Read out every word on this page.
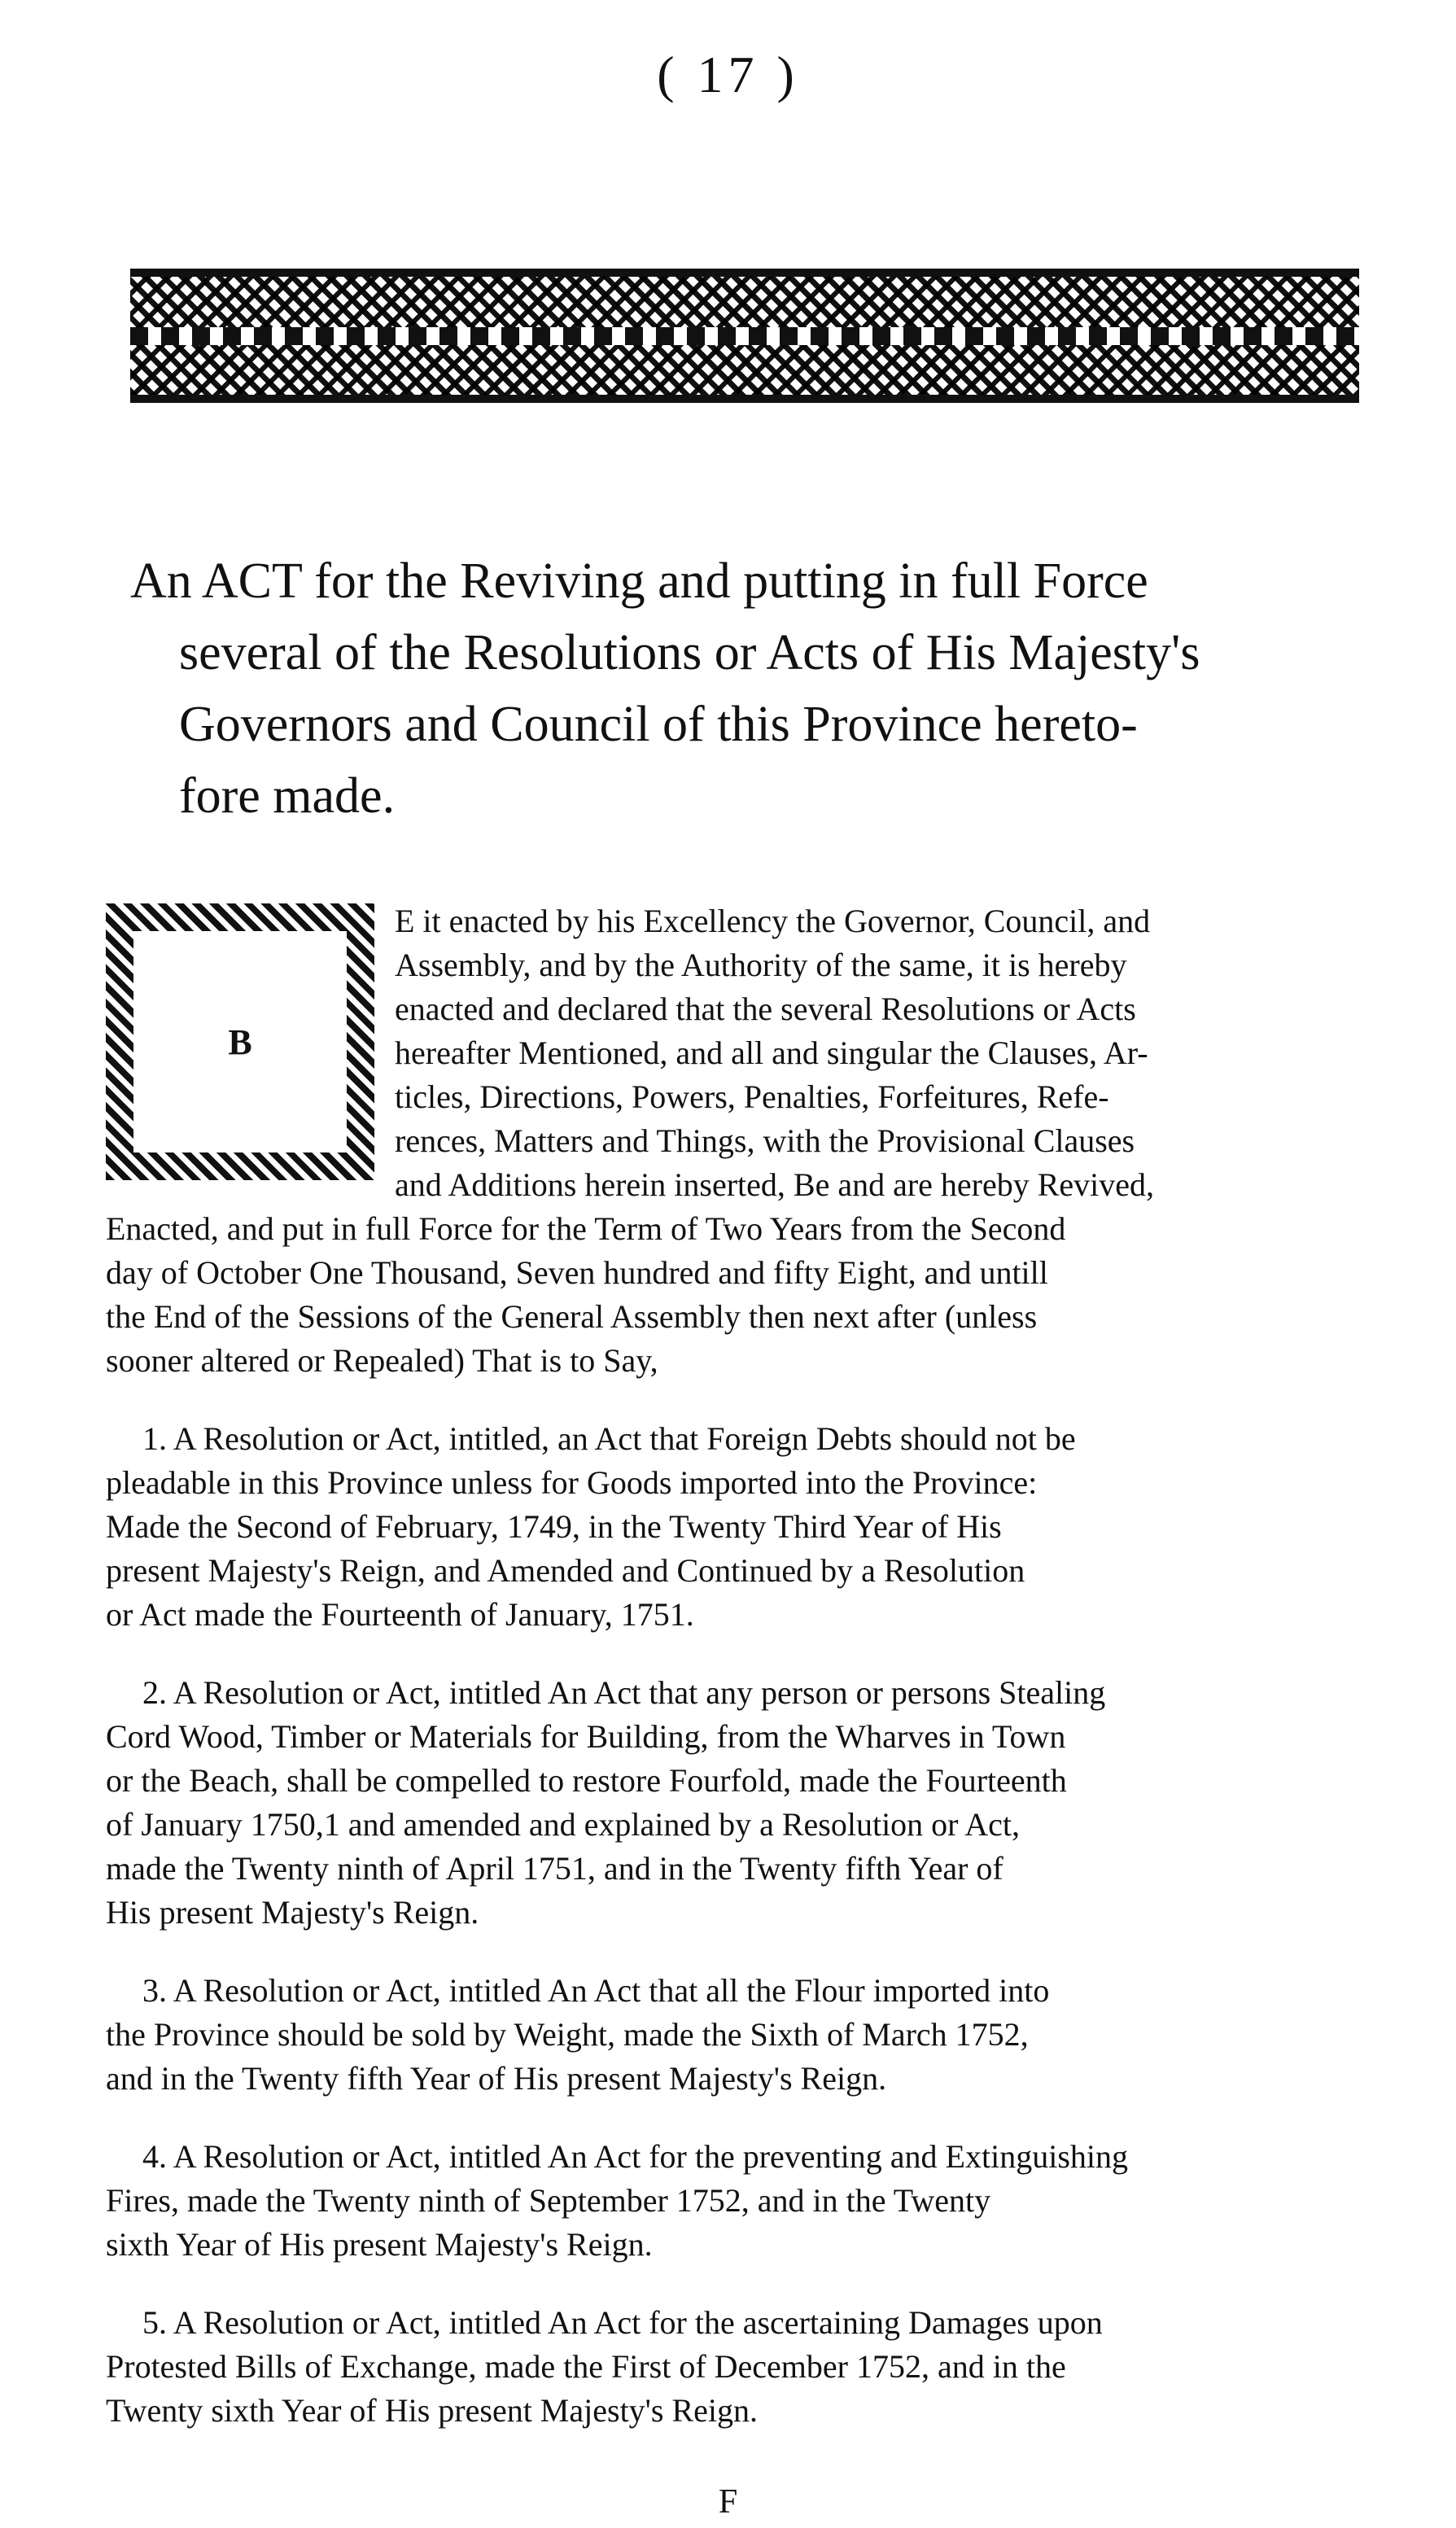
( 17 )
An ACT for the Reviving and putting in full Force
several of the Resolutions or Acts of His Majesty's
Governors and Council of this Province hereto-
fore made.
B
E it enacted by his Excellency the Governor, Council, and
Assembly, and by the Authority of the same, it is hereby
enacted and declared that the several Resolutions or Acts
hereafter Mentioned, and all and singular the Clauses, Ar-
ticles, Directions, Powers, Penalties, Forfeitures, Refe-
rences, Matters and Things, with the Provisional Clauses
and Additions herein inserted, Be and are hereby Revived,
Enacted, and put in full Force for the Term of Two Years from the Second
day of October One Thousand, Seven hundred and fifty Eight, and untill
the End of the Sessions of the General Assembly then next after (unless
sooner altered or Repealed) That is to Say,
1. A Resolution or Act, intitled, an Act that Foreign Debts should not be
pleadable in this Province unless for Goods imported into the Province:
Made the Second of February, 1749, in the Twenty Third Year of His
present Majesty's Reign, and Amended and Continued by a Resolution
or Act made the Fourteenth of January, 1751.
2. A Resolution or Act, intitled An Act that any person or persons Stealing
Cord Wood, Timber or Materials for Building, from the Wharves in Town
or the Beach, shall be compelled to restore Fourfold, made the Fourteenth
of January 1750,1 and amended and explained by a Resolution or Act,
made the Twenty ninth of April 1751, and in the Twenty fifth Year of
His present Majesty's Reign.
3. A Resolution or Act, intitled An Act that all the Flour imported into
the Province should be sold by Weight, made the Sixth of March 1752,
and in the Twenty fifth Year of His present Majesty's Reign.
4. A Resolution or Act, intitled An Act for the preventing and Extinguishing
Fires, made the Twenty ninth of September 1752, and in the Twenty
sixth Year of His present Majesty's Reign.
5. A Resolution or Act, intitled An Act for the ascertaining Damages upon
Protested Bills of Exchange, made the First of December 1752, and in the
Twenty sixth Year of His present Majesty's Reign.
F
